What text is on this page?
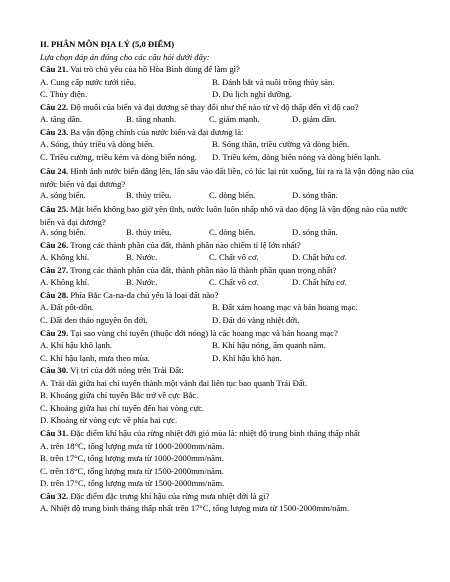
II. PHÂN MÔN ĐỊA LÝ (5,0 ĐIỂM)
Lựa chọn đáp án đúng cho các câu hỏi dưới đây:
Câu 21. Vai trò chủ yếu của hồ Hòa Bình dùng để làm gì?
A. Cung cấp nước tưới tiêu.	B. Đánh bắt và nuôi trồng thủy sản.
C. Thủy điện.	D. Du lịch nghỉ dưỡng.
Câu 22. Độ muối của biển và đại dương sẽ thay đổi như thế nào từ vĩ độ thấp đến vĩ độ cao?
A. tăng dần.	B. tăng nhanh.	C. giảm mạnh.	D. giảm dần.
Câu 23. Ba vận động chính của nước biển và đại dương là:
A. Sóng, thủy triều và dòng biển.	B. Sóng thần, triều cường và dòng biển.
C. Triều cường, triều kém và dòng biển nóng.	D. Triều kém, dòng biển nóng và dòng biển lạnh.
Câu 24. Hình ảnh nước biển dâng lên, lấn sâu vào đất liền, có lúc lại rút xuống, lùi ra ra là vận động nào của nước biển và đại dương?
A. sóng biển.	B. thủy triều.	C. dòng biển.	D. sóng thần.
Câu 25. Mặt biển không bao giờ yên tĩnh, nước luôn luôn nhấp nhô và dao động là vận động nào của nước biển và đại dương?
A. sóng biển.	B. thủy triều.	C. dòng biển.	D. sóng thần.
Câu 26. Trong các thành phần của đất, thành phần nào chiếm tỉ lệ lớn nhất?
A. Không khí.	B. Nước.	C. Chất vô cơ.	D. Chất hữu cơ.
Câu 27. Trong các thành phần của đất, thành phần nào là thành phần quan trọng nhất?
A. Không khí.	B. Nước.	C. Chất vô cơ.	D. Chất hữu cơ.
Câu 28. Phía Bắc Ca-na-đa chủ yếu là loại đất nào?
A. Đất pốt-dôn.	B. Đất xám hoang mạc và bán hoang mạc.
C. Đất đen thảo nguyên ôn đới.	D. Đất đỏ vàng nhiệt đới.
Câu 29. Tại sao vùng chí tuyến (thuộc đới nóng) là các hoang mạc và bán hoang mạc?
A. Khí hậu khô lạnh.	B. Khí hậu nóng, ẩm quanh năm.
C. Khí hậu lạnh, mưa theo mùa.	D. Khí hậu khô hạn.
Câu 30. Vị trí của đới nóng trên Trái Đất:
A. Trải dài giữa hai chí tuyến thành một vành đai liên tục bao quanh Trái Đất.
B. Khoảng giữa chí tuyến Bắc trở về cực Bắc.
C. Khoảng giữa hai chí tuyến đến hai vòng cực.
D. Khoảng từ vòng cực về phía hai cực.
Câu 31. Đặc điểm khí hậu của rừng nhiệt đới gió mùa là: nhiệt độ trung bình tháng thấp nhất
A. trên 18°C, tổng lượng mưa từ 1000-2000mm/năm.
B. trên 17°C, tổng lượng mưa từ 1000-2000mm/năm.
C. trên 18°C, tổng lượng mưa từ 1500-2000mm/năm.
D. trên 17°C, tổng lượng mưa từ 1500-2000mm/năm.
Câu 32. Đặc điểm đặc trưng khí hậu của rừng mưa nhiệt đới là gì?
A. Nhiệt độ trung bình tháng thấp nhất trên 17°C, tổng lượng mưa từ 1500-2000mm/năm.
